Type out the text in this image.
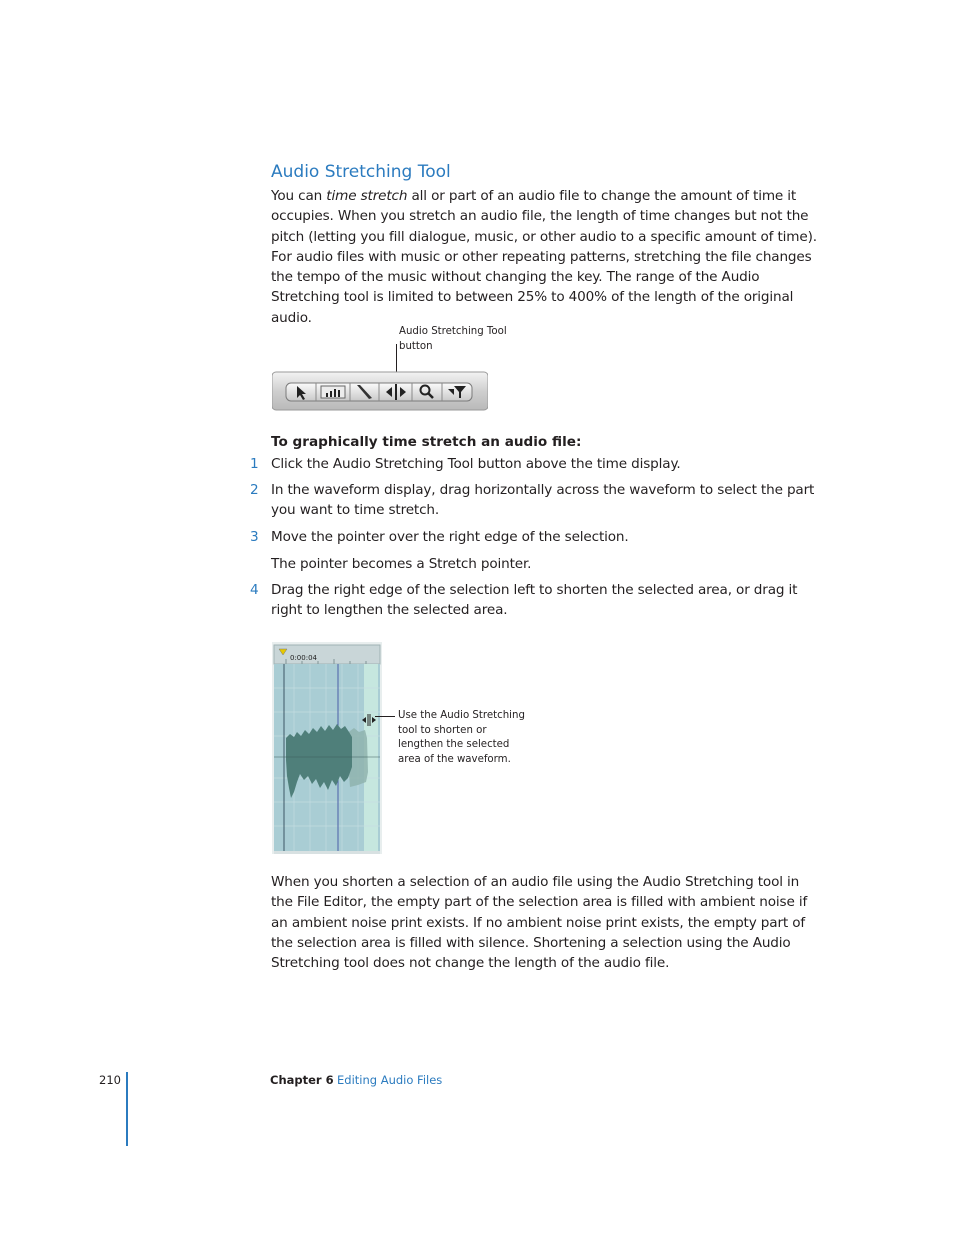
Audio Stretching Tool

You can time stretch all or part of an audio file to change the amount of time it occupies. When you stretch an audio file, the length of time changes but not the pitch (letting you fill dialogue, music, or other audio to a specific amount of time). For audio files with music or other repeating patterns, stretching the file changes the tempo of the music without changing the key. The range of the Audio Stretching tool is limited to between 25% to 400% of the length of the original audio.

Audio Stretching Tool
button

To graphically time stretch an audio file:

1 Click the Audio Stretching Tool button above the time display.
2 In the waveform display, drag horizontally across the waveform to select the part you want to time stretch.
3 Move the pointer over the right edge of the selection.
The pointer becomes a Stretch pointer.
4 Drag the right edge of the selection left to shorten the selected area, or drag it right to lengthen the selected area.
0:00:04
Use the Audio Stretching
tool to shorten or
lengthen the selected
area of the waveform.

When you shorten a selection of an audio file using the Audio Stretching tool in the File Editor, the empty part of the selection area is filled with ambient noise if an ambient noise print exists. If no ambient noise print exists, the empty part of the selection area is filled with silence. Shortening a selection using the Audio Stretching tool does not change the length of the audio file.

210	Chapter 6 Editing Audio Files
